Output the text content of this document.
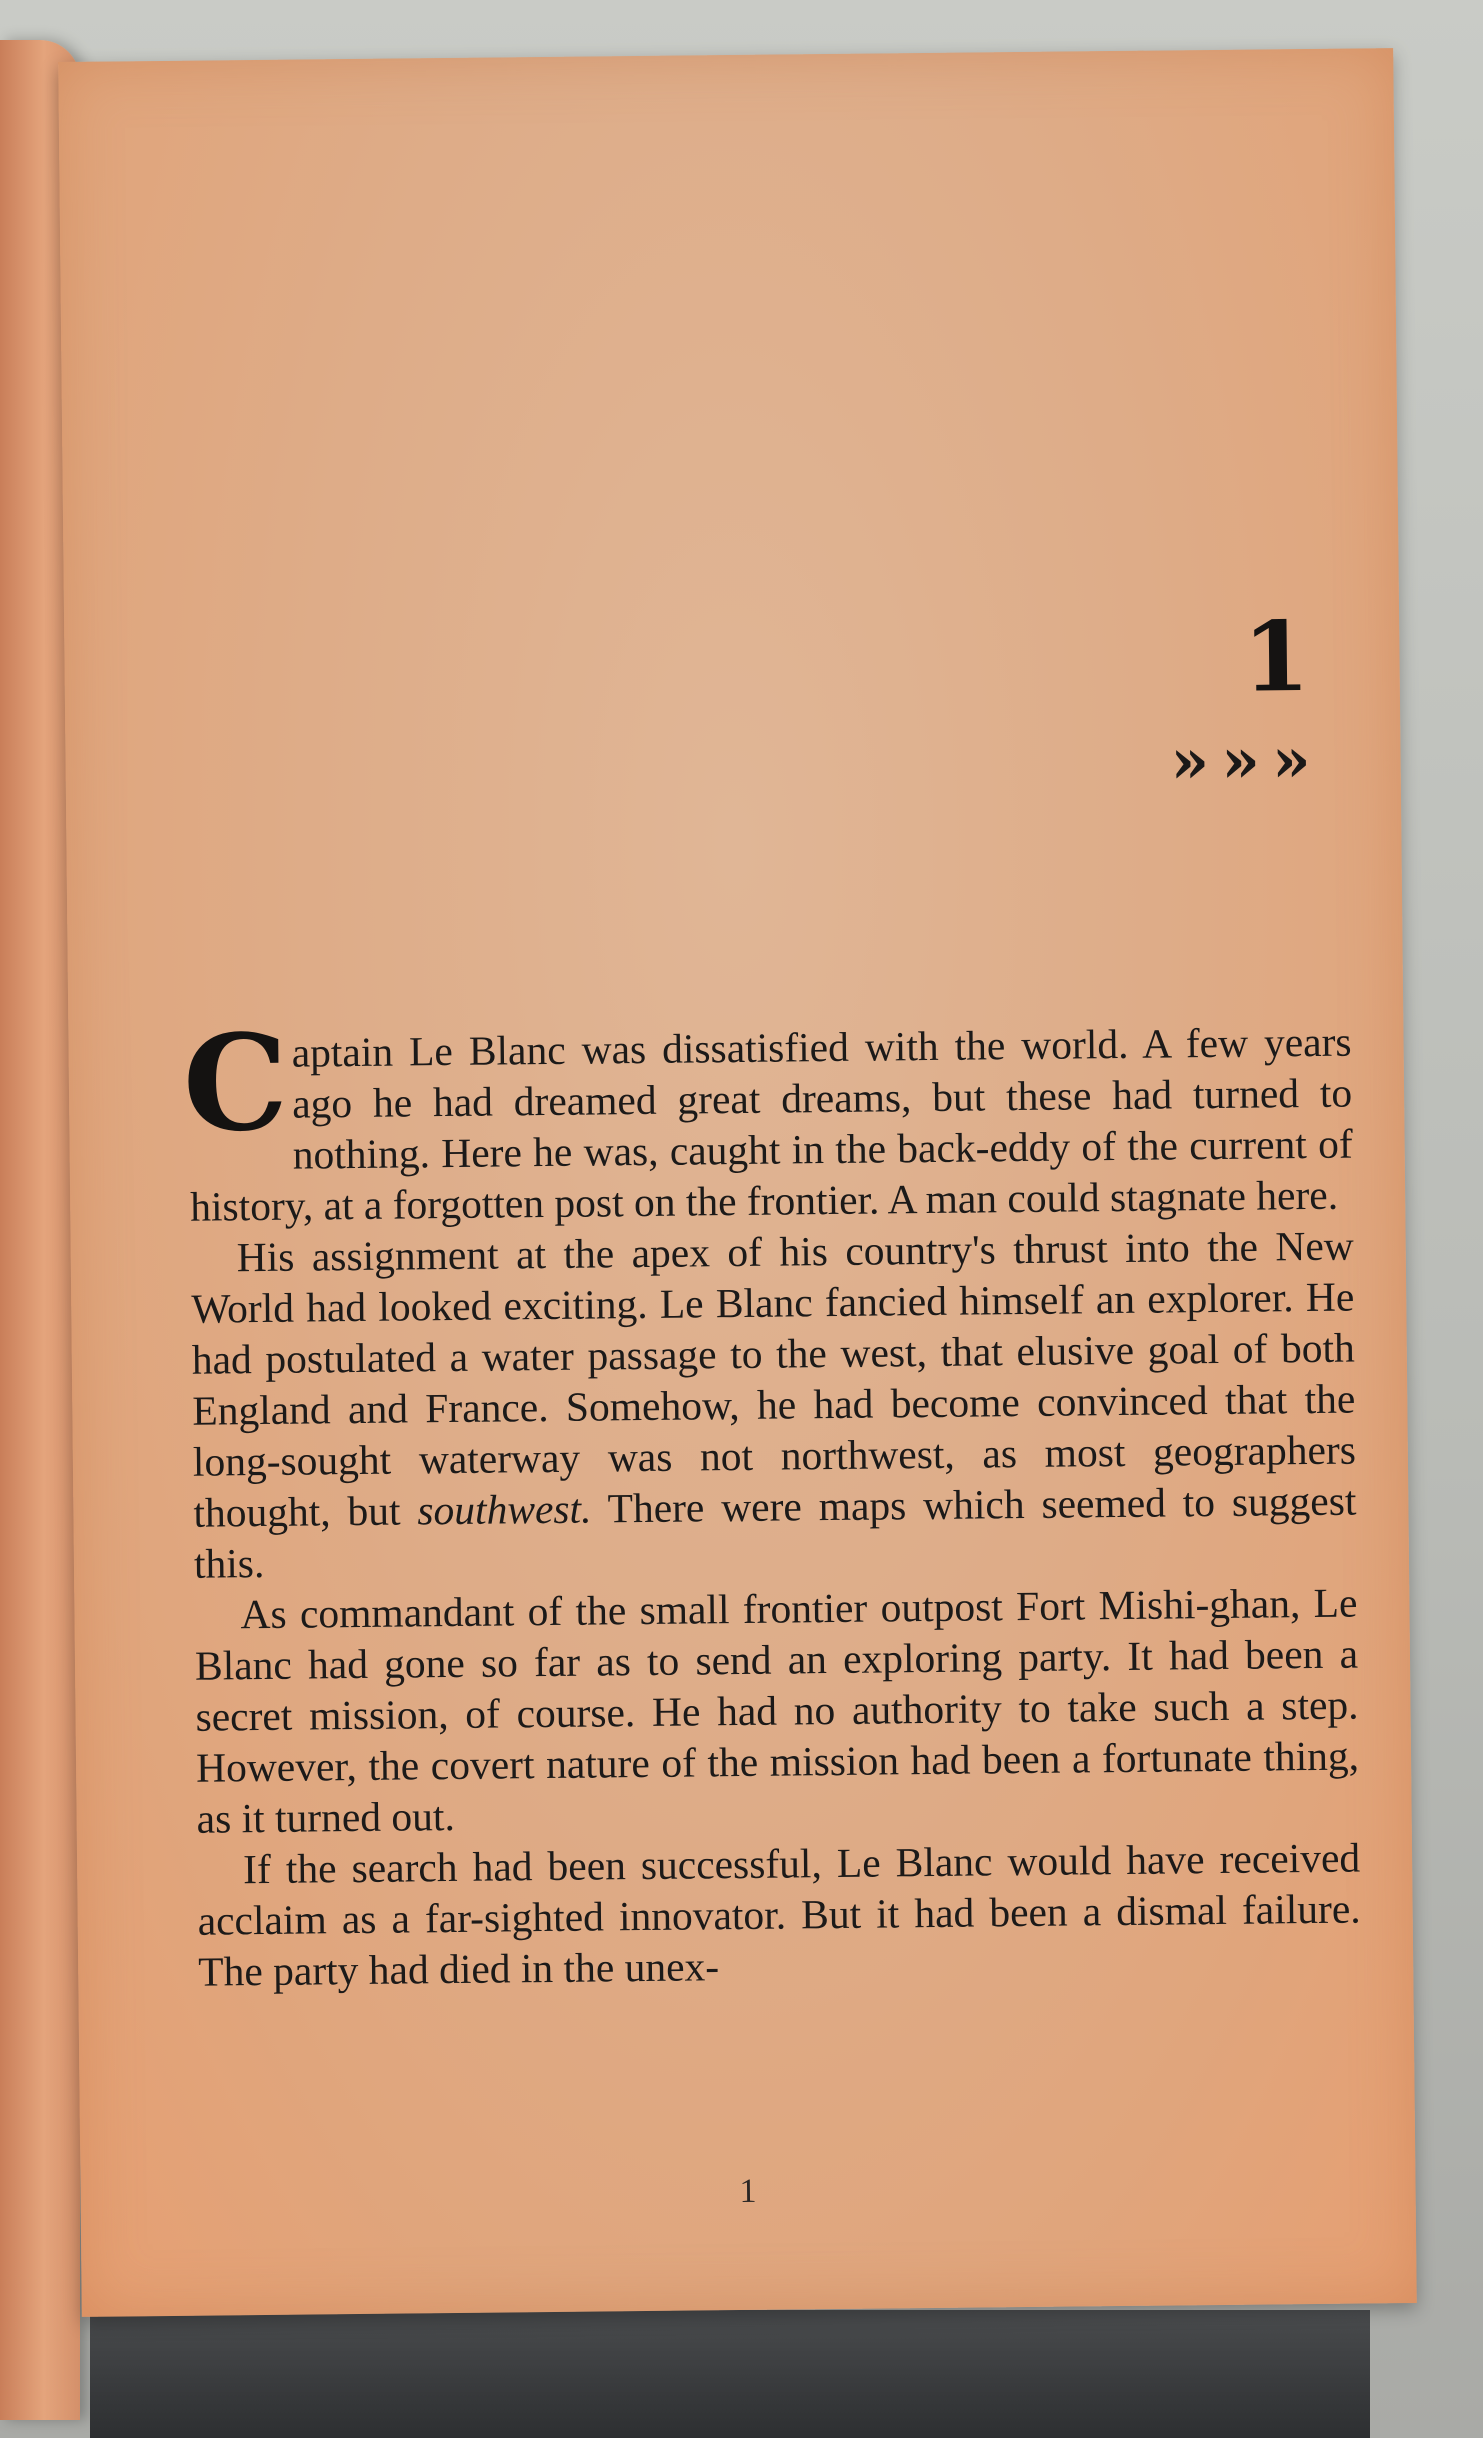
1
»»»

Captain Le Blanc was dissatisfied with the world. A few years ago he had dreamed great dreams, but these had turned to nothing. Here he was, caught in the back-eddy of the current of history, at a forgotten post on the frontier. A man could stagnate here.

His assignment at the apex of his country's thrust into the New World had looked exciting. Le Blanc fancied himself an explorer. He had postulated a water passage to the west, that elusive goal of both England and France. Somehow, he had become convinced that the long-sought waterway was not northwest, as most geographers thought, but southwest. There were maps which seemed to suggest this.

As commandant of the small frontier outpost Fort Mishi-ghan, Le Blanc had gone so far as to send an exploring party. It had been a secret mission, of course. He had no authority to take such a step. However, the covert nature of the mission had been a fortunate thing, as it turned out.

If the search had been successful, Le Blanc would have received acclaim as a far-sighted innovator. But it had been a dismal failure. The party had died in the unex-

1
